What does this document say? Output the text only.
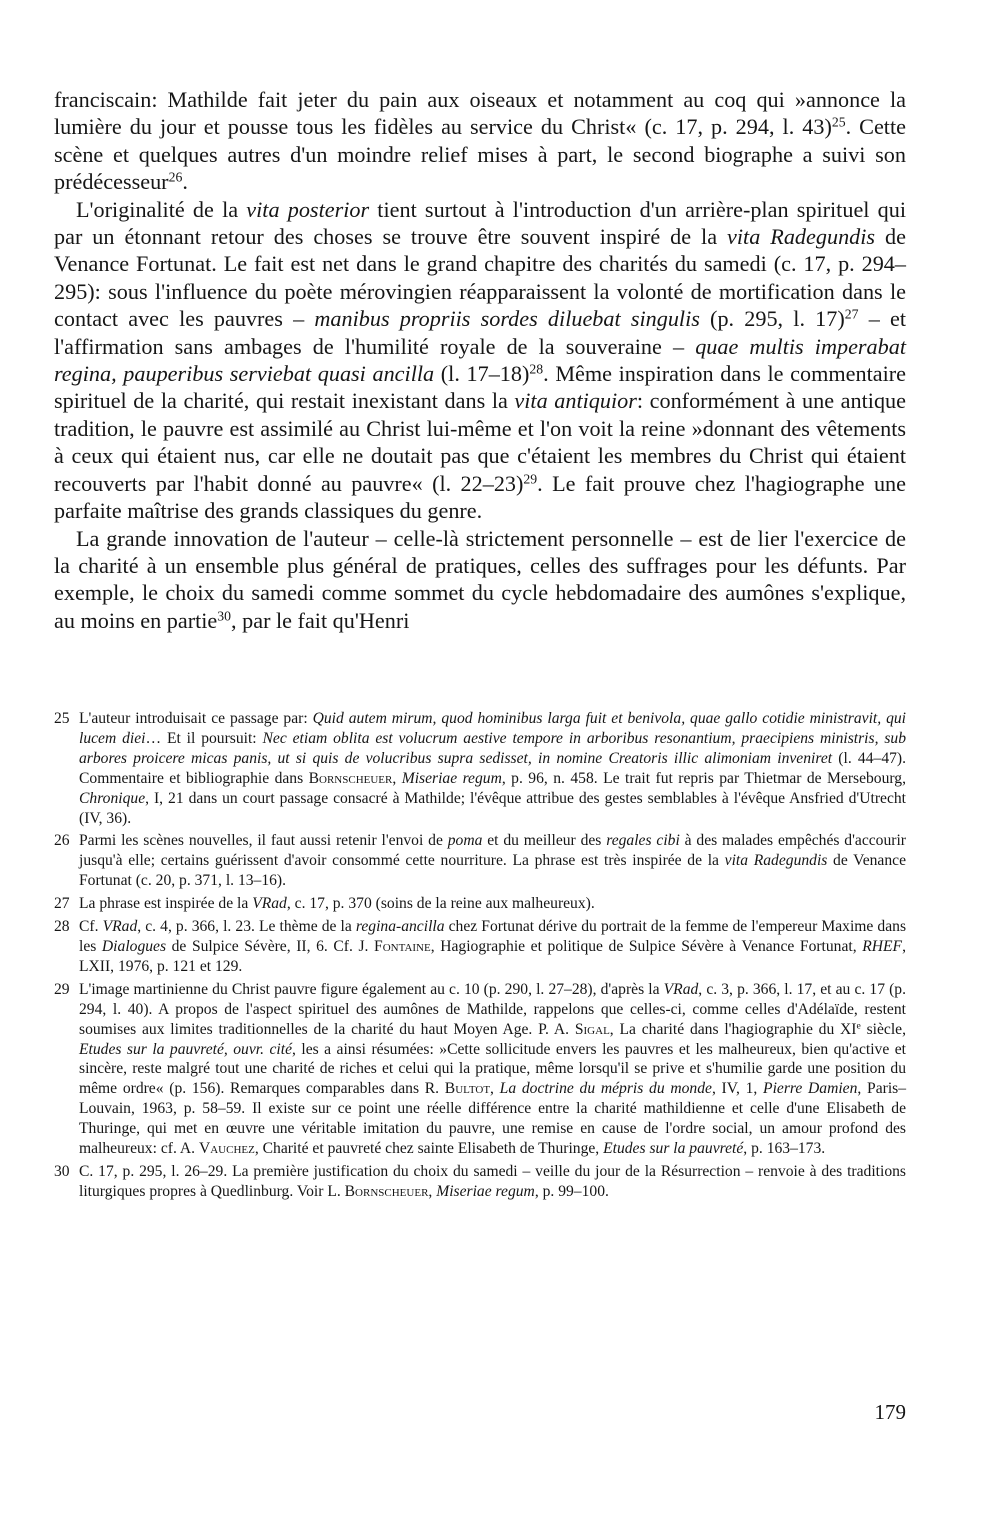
franciscain: Mathilde fait jeter du pain aux oiseaux et notamment au coq qui »annonce la lumière du jour et pousse tous les fidèles au service du Christ« (c. 17, p. 294, l. 43)$^{25}$. Cette scène et quelques autres d'un moindre relief mises à part, le second biographe a suivi son prédécesseur$^{26}$.

L'originalité de la vita posterior tient surtout à l'introduction d'un arrière-plan spirituel qui par un étonnant retour des choses se trouve être souvent inspiré de la vita Radegundis de Venance Fortunat. Le fait est net dans le grand chapitre des charités du samedi (c. 17, p. 294–295): sous l'influence du poète mérovingien réapparaissent la volonté de mortification dans le contact avec les pauvres – manibus propriis sordes diluebat singulis (p. 295, l. 17)$^{27}$ – et l'affirmation sans ambages de l'humilité royale de la souveraine – quae multis imperabat regina, pauperibus serviebat quasi ancilla (l. 17–18)$^{28}$. Même inspiration dans le commentaire spirituel de la charité, qui restait inexistant dans la vita antiquior: conformément à une antique tradition, le pauvre est assimilé au Christ lui-même et l'on voit la reine »donnant des vêtements à ceux qui étaient nus, car elle ne doutait pas que c'étaient les membres du Christ qui étaient recouverts par l'habit donné au pauvre« (l. 22–23)$^{29}$. Le fait prouve chez l'hagiographe une parfaite maîtrise des grands classiques du genre.

La grande innovation de l'auteur – celle-là strictement personnelle – est de lier l'exercice de la charité à un ensemble plus général de pratiques, celles des suffrages pour les défunts. Par exemple, le choix du samedi comme sommet du cycle hebdomadaire des aumônes s'explique, au moins en partie$^{30}$, par le fait qu'Henri

25 L'auteur introduisait ce passage par: Quid autem mirum, quod hominibus larga fuit et benivola, quae gallo cotidie ministravit, qui lucem diei… Et il poursuit: Nec etiam oblita est volucrum aestive tempore in arboribus resonantium, praecipiens ministris, sub arbores proicere micas panis, ut si quis de volucribus supra sedisset, in nomine Creatoris illic alimoniam inveniret (l. 44–47). Commentaire et bibliographie dans Bornscheuer, Miseriae regum, p. 96, n. 458. Le trait fut repris par Thietmar de Mersebourg, Chronique, I, 21 dans un court passage consacré à Mathilde; l'évêque attribue des gestes semblables à l'évêque Ansfried d'Utrecht (IV, 36).
26 Parmi les scènes nouvelles, il faut aussi retenir l'envoi de poma et du meilleur des regales cibi à des malades empêchés d'accourir jusqu'à elle; certains guérissent d'avoir consommé cette nourriture. La phrase est très inspirée de la vita Radegundis de Venance Fortunat (c. 20, p. 371, l. 13–16).
27 La phrase est inspirée de la VRad, c. 17, p. 370 (soins de la reine aux malheureux).
28 Cf. VRad, c. 4, p. 366, l. 23. Le thème de la regina-ancilla chez Fortunat dérive du portrait de la femme de l'empereur Maxime dans les Dialogues de Sulpice Sévère, II, 6. Cf. J. Fontaine, Hagiographie et politique de Sulpice Sévère à Venance Fortunat, RHEF, LXII, 1976, p. 121 et 129.
29 L'image martinienne du Christ pauvre figure également au c. 10 (p. 290, l. 27–28), d'après la VRad, c. 3, p. 366, l. 17, et au c. 17 (p. 294, l. 40). A propos de l'aspect spirituel des aumônes de Mathilde, rappelons que celles-ci, comme celles d'Adélaïde, restent soumises aux limites traditionnelles de la charité du haut Moyen Age. P. A. Sigal, La charité dans l'hagiographie du XIe siècle, Etudes sur la pauvreté, ouvr. cité, les a ainsi résumées: »Cette sollicitude envers les pauvres et les malheureux, bien qu'active et sincère, reste malgré tout une charité de riches et celui qui la pratique, même lorsqu'il se prive et s'humilie garde une position du même ordre« (p. 156). Remarques comparables dans R. Bultot, La doctrine du mépris du monde, IV, 1, Pierre Damien, Paris–Louvain, 1963, p. 58–59. Il existe sur ce point une réelle différence entre la charité mathildienne et celle d'une Elisabeth de Thuringe, qui met en œuvre une véritable imitation du pauvre, une remise en cause de l'ordre social, un amour profond des malheureux: cf. A. Vauchez, Charité et pauvreté chez sainte Elisabeth de Thuringe, Etudes sur la pauvreté, p. 163–173.
30 C. 17, p. 295, l. 26–29. La première justification du choix du samedi – veille du jour de la Résurrection – renvoie à des traditions liturgiques propres à Quedlinburg. Voir L. Bornscheuer, Miseriae regum, p. 99–100.
179
